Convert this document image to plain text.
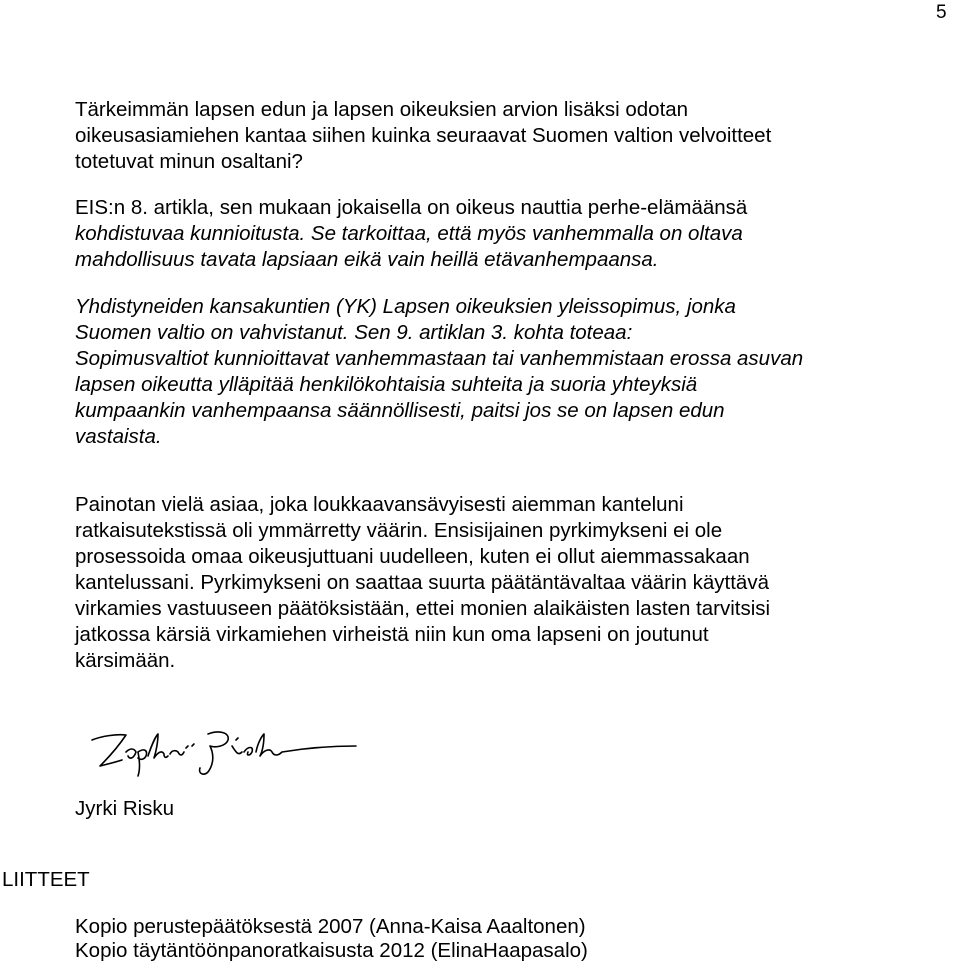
5

Tärkeimmän lapsen edun ja lapsen oikeuksien arvion lisäksi odotan

oikeusasiamiehen kantaa siihen kuinka seuraavat Suomen valtion velvoitteet

totetuvat minun osaltani?

EIS:n 8. artikla, sen mukaan jokaisella on oikeus nauttia perhe-elämäänsä

kohdistuvaa kunnioitusta. Se tarkoittaa, että myös vanhemmalla on oltava

mahdollisuus tavata lapsiaan eikä vain heillä etävanhempaansa.

Yhdistyneiden kansakuntien (YK) Lapsen oikeuksien yleissopimus, jonka

Suomen valtio on vahvistanut. Sen 9. artiklan 3. kohta toteaa:

Sopimusvaltiot kunnioittavat vanhemmastaan tai vanhemmistaan erossa asuvan

lapsen oikeutta ylläpitää henkilökohtaisia suhteita ja suoria yhteyksiä

kumpaankin vanhempaansa säännöllisesti, paitsi jos se on lapsen edun

vastaista.

Painotan vielä asiaa, joka loukkaavansävyisesti aiemman kanteluni

ratkaisutekstissä oli ymmärretty väärin. Ensisijainen pyrkimykseni ei ole

prosessoida omaa oikeusjuttuani uudelleen, kuten ei ollut aiemmassakaan

kantelussani. Pyrkimykseni on saattaa suurta päätäntävaltaa väärin käyttävä

virkamies vastuuseen päätöksistään, ettei monien alaikäisten lasten tarvitsisi

jatkossa kärsiä virkamiehen virheistä niin kun oma lapseni on joutunut

kärsimään.

Jyrki Risku
LIITTEET
Kopio perustepäätöksestä 2007 (Anna-Kaisa Aaaltonen)
Kopio täytäntöönpanoratkaisusta 2012 (ElinaHaapasalo)
